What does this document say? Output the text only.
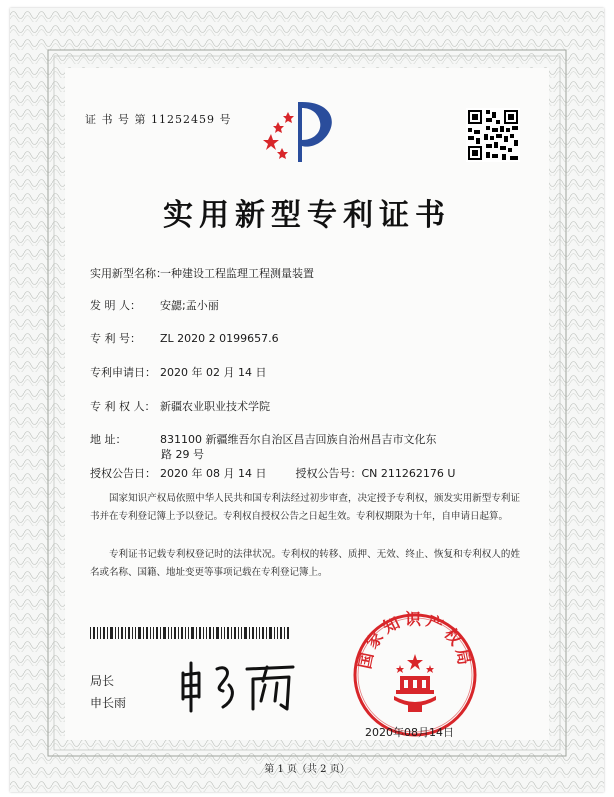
证 书 号 第 11252459 号
实用新型专利证书
实用新型名称：一种建设工程监理工程测量装置
发 明 人： 安勰;孟小丽
专 利 号： ZL 2020 2 0199657.6
专利申请日： 2020 年 02 月 14 日
专 利 权 人： 新疆农业职业技术学院
地 址：	831100 新疆维吾尔自治区昌吉回族自治州昌吉市文化东
路 29 号
授权公告日： 2020 年 08 月 14 日	授权公告号：CN 211262176 U
国家知识产权局依照中华人民共和国专利法经过初步审查，决定授予专利权，颁发实用新型专利证书并在专利登记簿上予以登记。专利权自授权公告之日起生效。专利权期限为十年，自申请日起算。
专利证书记载专利权登记时的法律状况。专利权的转移、质押、无效、终止、恢复和专利权人的姓名或名称、国籍、地址变更等事项记载在专利登记簿上。
局长
申长雨
国家知识产权局
2020年08月14日
第 1 页（共 2 页）
